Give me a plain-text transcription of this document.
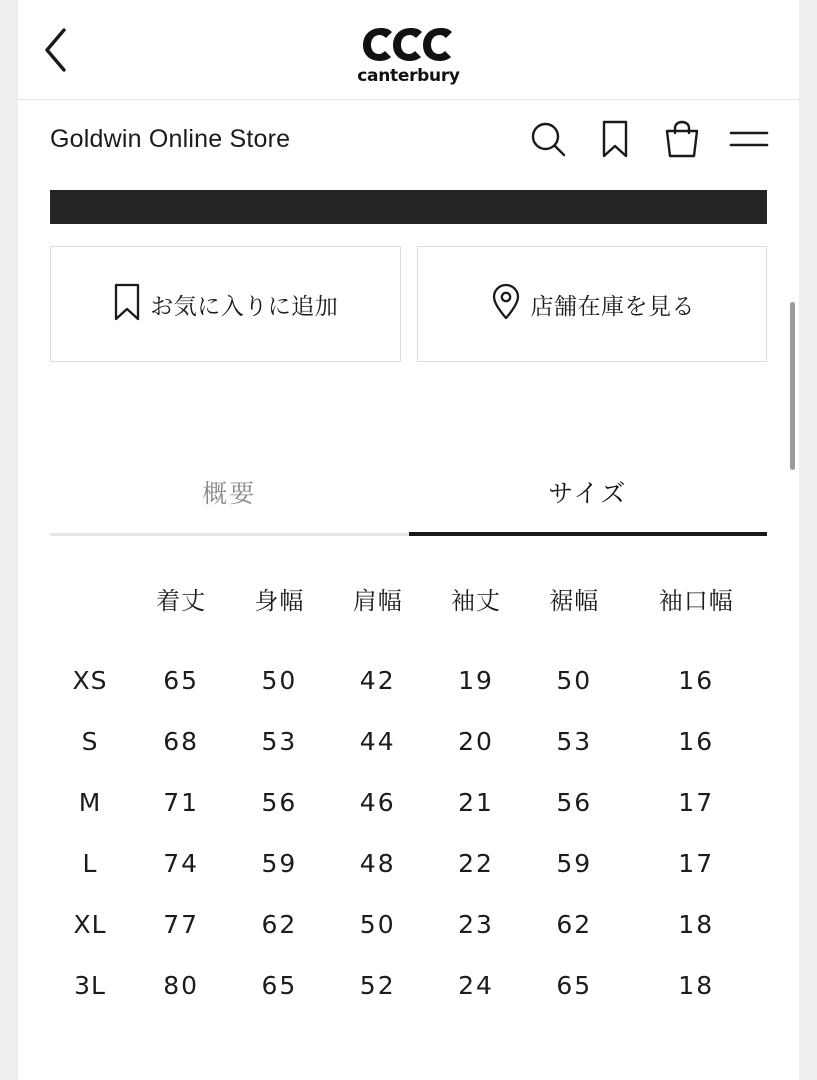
canterbury
Goldwin Online Store
お気に入りに追加	店舗在庫を見る
概要	サイズ
	着丈	身幅	肩幅	袖丈	裾幅	袖口幅
XS	65	50	42	19	50	16
S	68	53	44	20	53	16
M	71	56	46	21	56	17
L	74	59	48	22	59	17
XL	77	62	50	23	62	18
3L	80	65	52	24	65	18
